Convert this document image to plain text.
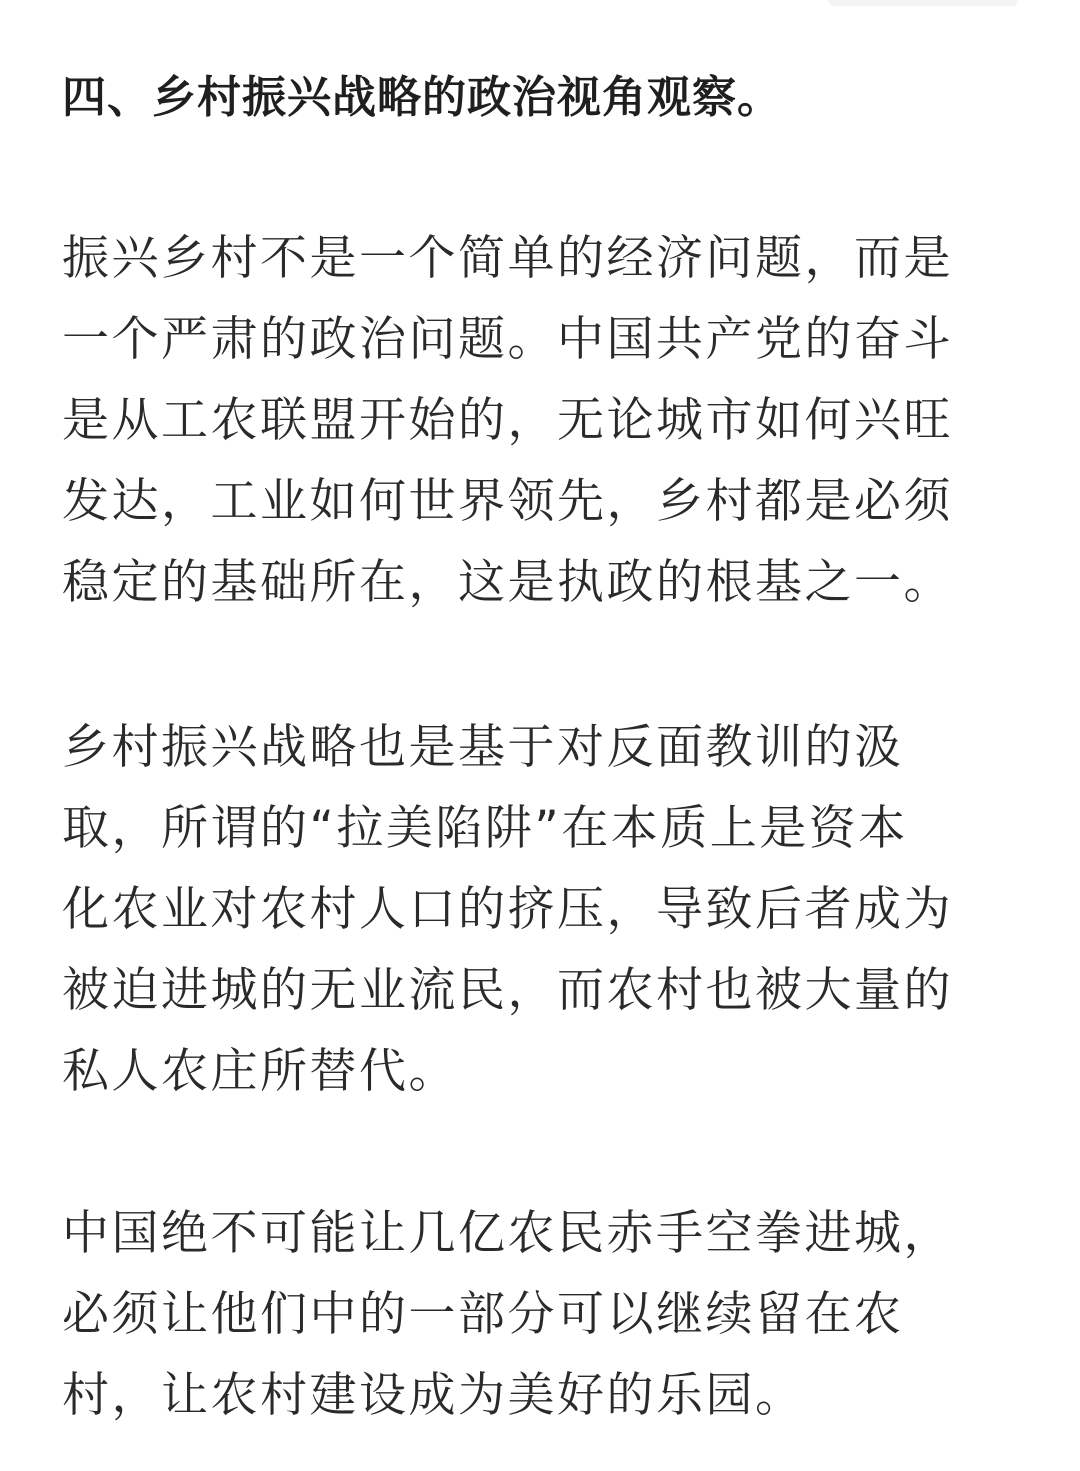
四、乡村振兴战略的政治视角观察。

振兴乡村不是一个简单的经济问题，而是
一个严肃的政治问题。中国共产党的奋斗
是从工农联盟开始的，无论城市如何兴旺
发达，工业如何世界领先，乡村都是必须
稳定的基础所在，这是执政的根基之一。

乡村振兴战略也是基于对反面教训的汲
取，所谓的“拉美陷阱”在本质上是资本
化农业对农村人口的挤压，导致后者成为
被迫进城的无业流民，而农村也被大量的
私人农庄所替代。

中国绝不可能让几亿农民赤手空拳进城，
必须让他们中的一部分可以继续留在农
村，让农村建设成为美好的乐园。
